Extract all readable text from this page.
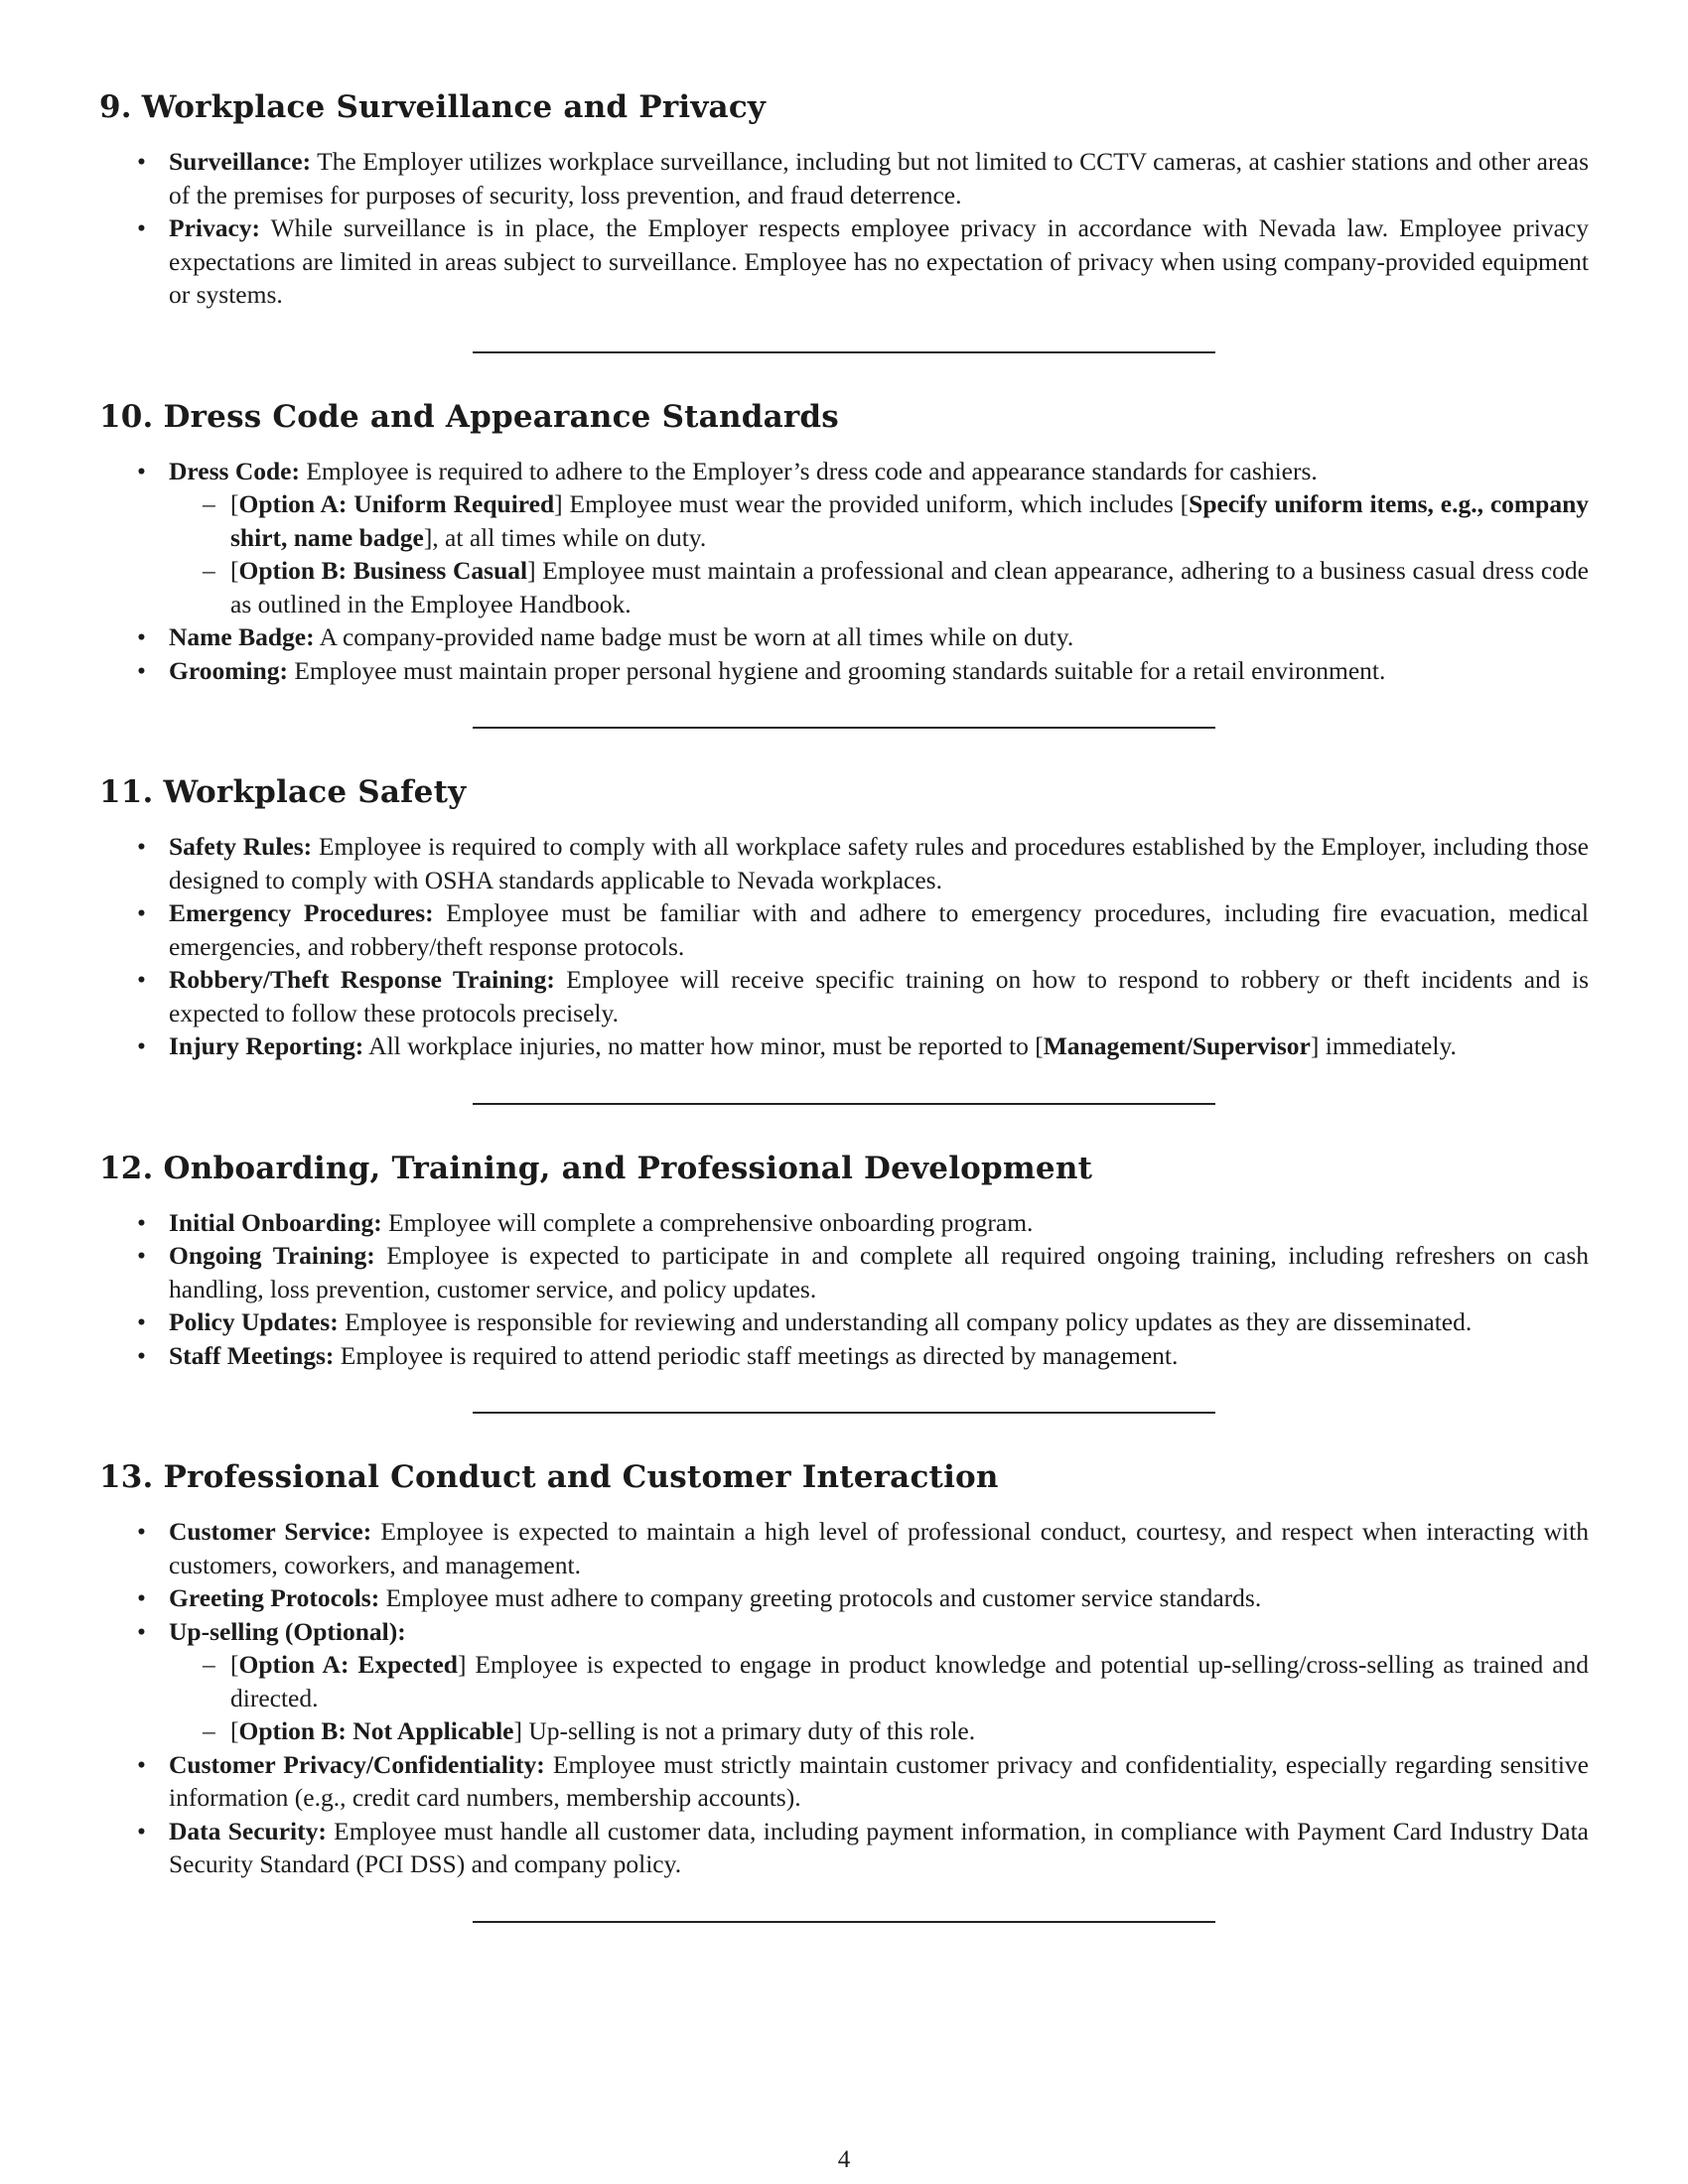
9. Workplace Surveillance and Privacy
• Surveillance: The Employer utilizes workplace surveillance, including but not limited to CCTV cameras, at cashier stations and other areas of the premises for purposes of security, loss prevention, and fraud deterrence.
• Privacy: While surveillance is in place, the Employer respects employee privacy in accordance with Nevada law. Employee privacy expectations are limited in areas subject to surveillance. Employee has no expectation of privacy when using company-provided equipment or systems.
10. Dress Code and Appearance Standards
• Dress Code: Employee is required to adhere to the Employer’s dress code and appearance standards for cashiers.
– [Option A: Uniform Required] Employee must wear the provided uniform, which includes [Specify uniform items, e.g., company shirt, name badge], at all times while on duty.
– [Option B: Business Casual] Employee must maintain a professional and clean appearance, adhering to a business casual dress code as outlined in the Employee Handbook.
• Name Badge: A company-provided name badge must be worn at all times while on duty.
• Grooming: Employee must maintain proper personal hygiene and grooming standards suitable for a retail environment.
11. Workplace Safety
• Safety Rules: Employee is required to comply with all workplace safety rules and procedures established by the Employer, including those designed to comply with OSHA standards applicable to Nevada workplaces.
• Emergency Procedures: Employee must be familiar with and adhere to emergency procedures, including fire evacuation, medical emergencies, and robbery/theft response protocols.
• Robbery/Theft Response Training: Employee will receive specific training on how to respond to robbery or theft incidents and is expected to follow these protocols precisely.
• Injury Reporting: All workplace injuries, no matter how minor, must be reported to [Management/Supervisor] immediately.
12. Onboarding, Training, and Professional Development
• Initial Onboarding: Employee will complete a comprehensive onboarding program.
• Ongoing Training: Employee is expected to participate in and complete all required ongoing training, including refreshers on cash handling, loss prevention, customer service, and policy updates.
• Policy Updates: Employee is responsible for reviewing and understanding all company policy updates as they are disseminated.
• Staff Meetings: Employee is required to attend periodic staff meetings as directed by management.
13. Professional Conduct and Customer Interaction
• Customer Service: Employee is expected to maintain a high level of professional conduct, courtesy, and respect when interacting with customers, coworkers, and management.
• Greeting Protocols: Employee must adhere to company greeting protocols and customer service standards.
• Up-selling (Optional):
– [Option A: Expected] Employee is expected to engage in product knowledge and potential up-selling/cross-selling as trained and directed.
– [Option B: Not Applicable] Up-selling is not a primary duty of this role.
• Customer Privacy/Confidentiality: Employee must strictly maintain customer privacy and confidentiality, especially regarding sensitive information (e.g., credit card numbers, membership accounts).
• Data Security: Employee must handle all customer data, including payment information, in compliance with Payment Card Industry Data Security Standard (PCI DSS) and company policy.
4
